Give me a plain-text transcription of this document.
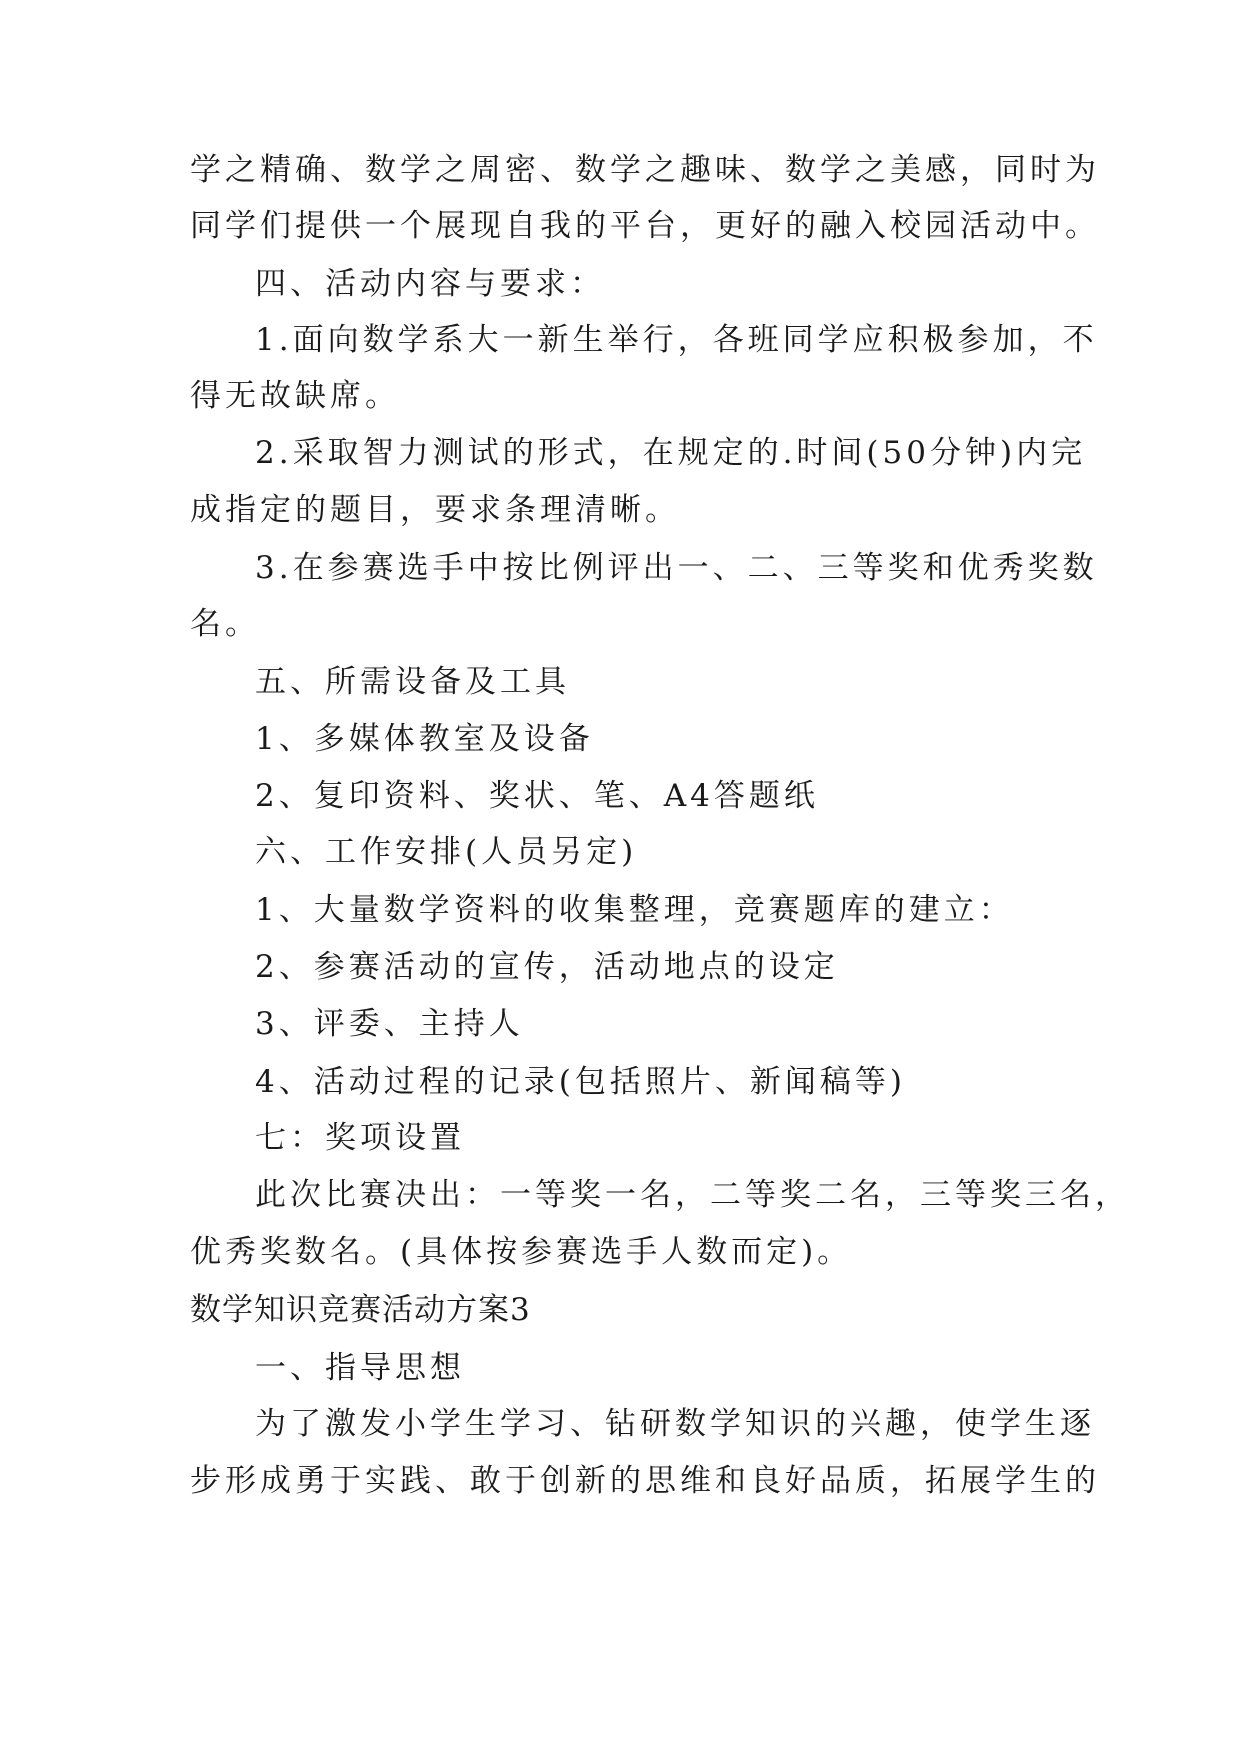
学之精确、数学之周密、数学之趣味、数学之美感，同时为
同学们提供一个展现自我的平台，更好的融入校园活动中。
四、活动内容与要求：
1.面向数学系大一新生举行，各班同学应积极参加，不
得无故缺席。
2.采取智力测试的形式，在规定的.时间(50分钟)内完
成指定的题目，要求条理清晰。
3.在参赛选手中按比例评出一、二、三等奖和优秀奖数
名。
五、所需设备及工具
1、多媒体教室及设备
2、复印资料、奖状、笔、A4答题纸
六、工作安排(人员另定)
1、大量数学资料的收集整理，竞赛题库的建立：
2、参赛活动的宣传，活动地点的设定
3、评委、主持人
4、活动过程的记录(包括照片、新闻稿等)
七：奖项设置
此次比赛决出：一等奖一名，二等奖二名，三等奖三名，
优秀奖数名。(具体按参赛选手人数而定)。
数学知识竞赛活动方案3
一、指导思想
为了激发小学生学习、钻研数学知识的兴趣，使学生逐
步形成勇于实践、敢于创新的思维和良好品质，拓展学生的
